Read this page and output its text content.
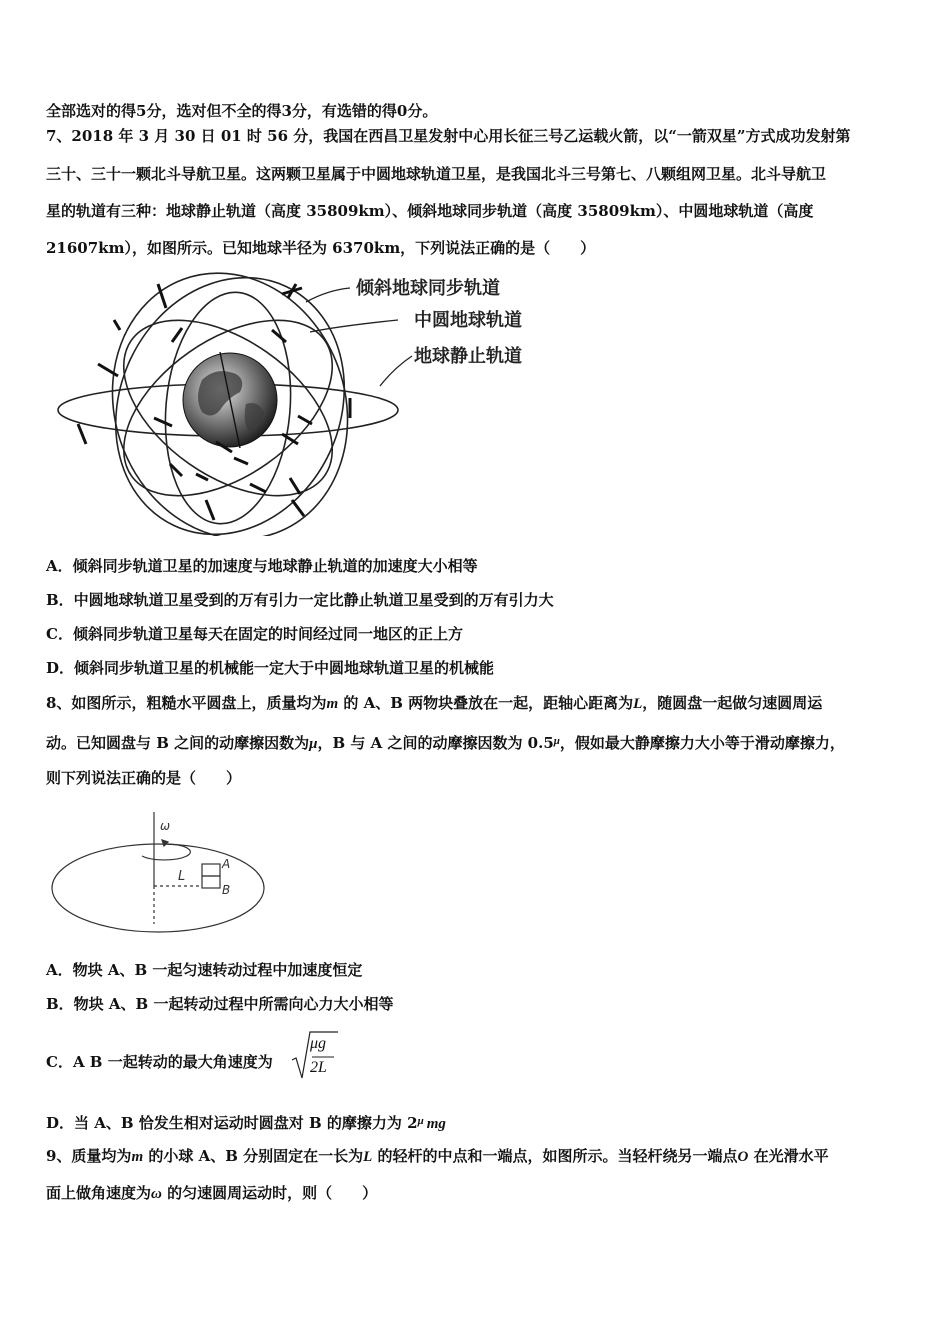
全部选对的得5分，选对但不全的得3分，有选错的得0分。
7、2018 年 3 月 30 日 01 时 56 分，我国在西昌卫星发射中心用长征三号乙运载火箭，以“一箭双星”方式成功发射第
三十、三十一颗北斗导航卫星。这两颗卫星属于中圆地球轨道卫星，是我国北斗三号第七、八颗组网卫星。北斗导航卫
星的轨道有三种：地球静止轨道（高度 35809km）、倾斜地球同步轨道（高度 35809km）、中圆地球轨道（高度
21607km），如图所示。已知地球半径为 6370km，下列说法正确的是（　　）
倾斜地球同步轨道
中圆地球轨道
地球静止轨道
A．倾斜同步轨道卫星的加速度与地球静止轨道的加速度大小相等
B．中圆地球轨道卫星受到的万有引力一定比静止轨道卫星受到的万有引力大
C．倾斜同步轨道卫星每天在固定的时间经过同一地区的正上方
D．倾斜同步轨道卫星的机械能一定大于中圆地球轨道卫星的机械能
8、如图所示，粗糙水平圆盘上，质量均为m 的 A、B 两物块叠放在一起，距轴心距离为L，随圆盘一起做匀速圆周运
动。已知圆盘与 B 之间的动摩擦因数为μ，B 与 A 之间的动摩擦因数为 $0.5^\mu$，假如最大静摩擦力大小等于滑动摩擦力，
则下列说法正确的是（　　）
ω
L
A
B
A．物块 A、B 一起匀速转动过程中加速度恒定
B．物块 A、B 一起转动过程中所需向心力大小相等
C．A B 一起转动的最大角速度为
μg
2L
D．当 A、B 恰发生相对运动时圆盘对 B 的摩擦力为 $2^\mu$ mg
9、质量均为m 的小球 A、B 分别固定在一长为L 的轻杆的中点和一端点，如图所示。当轻杆绕另一端点O 在光滑水平
面上做角速度为ω 的匀速圆周运动时，则（　　）
